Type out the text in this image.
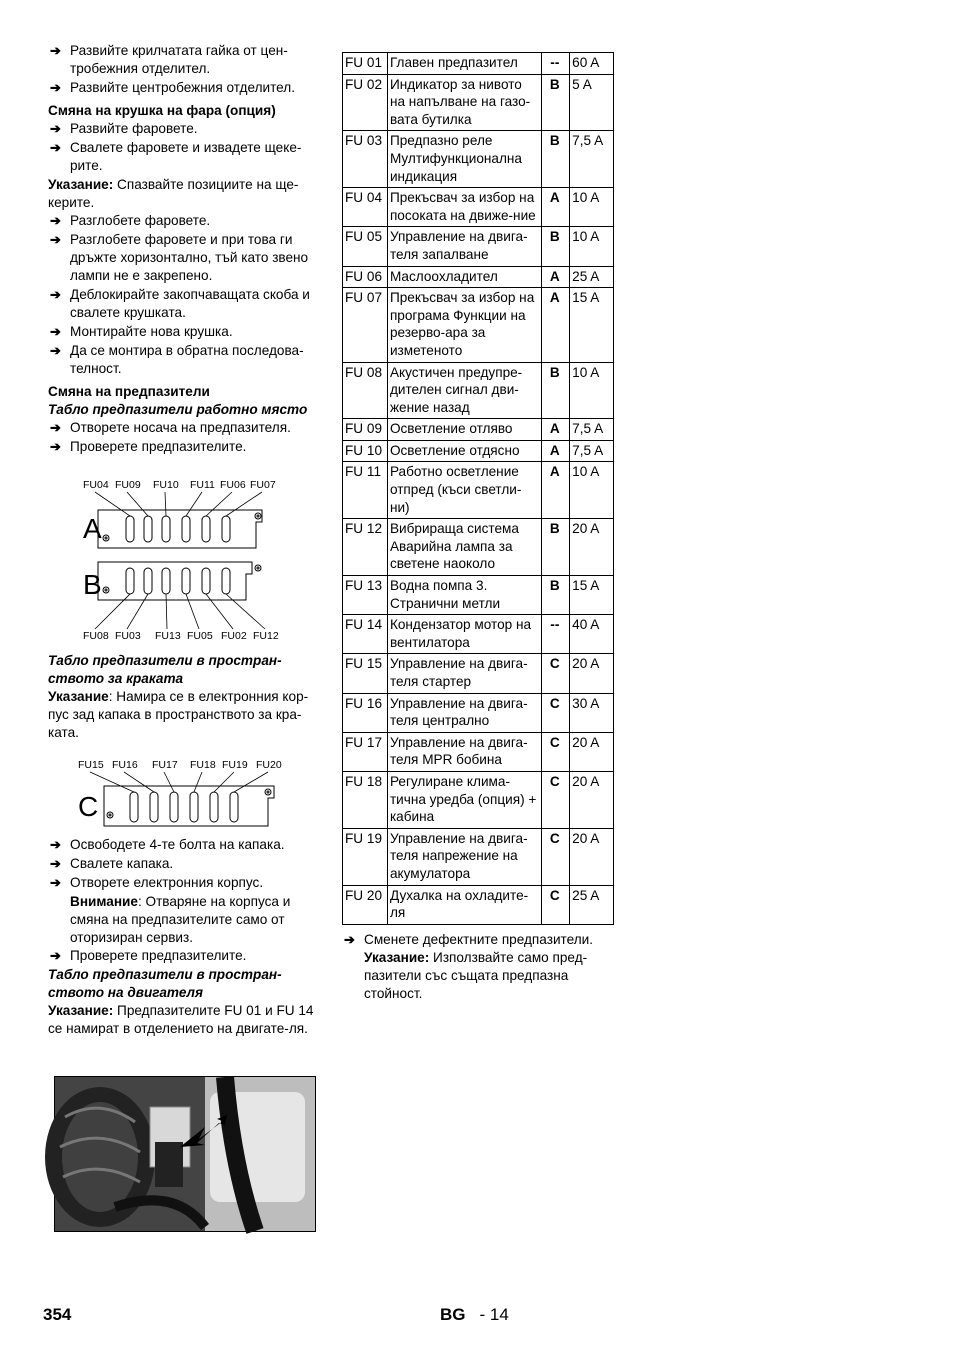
➔ Развийте крилчатата гайка от цен-тробежния отделител.
➔ Развийте центробежния отделител.
Смяна на крушка на фара (опция)
➔ Развийте фаровете.
➔ Свалете фаровете и извадете щеке-рите.
Указание: Спазвайте позициите на ще-керите.
➔ Разглобете фаровете.
➔ Разглобете фаровете и при това ги дръжте хоризонтално, тъй като звено лампи не е закрепено.
➔ Деблокирайте закопчаващата скоба и свалете крушката.
➔ Монтирайте нова крушка.
➔ Да се монтира в обратна последова-телност.
Смяна на предпазители
Табло предпазители работно място
➔ Отворете носача на предпазителя.
➔ Проверете предпазителите.
FU04 FU09 FU10 FU11 FU06 FU07
FU08 FU03 FU13 FU05 FU02 FU12
A
B
Табло предпазители в простран-ството за краката
Указание: Намира се в електронния кор-пус зад капака в пространството за кра-ката.
FU15 FU16 FU17 FU18 FU19 FU20
C
➔ Освободете 4-те болта на капака.
➔ Свалете капака.
➔ Отворете електронния корпус.
Внимание: Отваряне на корпуса и смяна на предпазителите само от оторизиран сервиз.
➔ Проверете предпазителите.
Табло предпазители в простран-ството на двигателя
Указание: Предпазителите FU 01 и FU 14 се намират в отделението на двигате-ля.
FU 01	Главен предпазител	--	60 A
FU 02	Индикатор за нивото на напълване на газо-вата бутилка	B	5 A
FU 03	Предпазно реле Мултифункционална индикация	B	7,5 A
FU 04	Прекъсвач за избор на посоката на движе-ние	A	10 A
FU 05	Управление на двига-теля запалване	B	10 A
FU 06	Маслоохладител	A	25 A
FU 07	Прекъсвач за избор на програма Функции на резерво-ара за изметеното	A	15 A
FU 08	Акустичен предупре-дителен сигнал дви-жение назад	B	10 A
FU 09	Осветление отляво	A	7,5 A
FU 10	Осветление отдясно	A	7,5 A
FU 11	Работно осветление отпред (къси светли-ни)	A	10 A
FU 12	Вибрираща система Аварийна лампа за светене наоколо	B	20 A
FU 13	Водна помпа 3. Странични метли	B	15 A
FU 14	Кондензатор мотор на вентилатора	--	40 A
FU 15	Управление на двига-теля стартер	C	20 A
FU 16	Управление на двига-теля централно	C	30 A
FU 17	Управление на двига-теля MPR бобина	C	20 A
FU 18	Регулиране клима-тична уредба (опция) + кабина	C	20 A
FU 19	Управление на двига-теля напрежение на акумулатора	C	20 A
FU 20	Духалка на охладите-ля	C	25 A
➔ Сменете дефектните предпазители.
Указание: Използвайте само пред-пазители със същата предпазна стойност.
354	BG - 14
